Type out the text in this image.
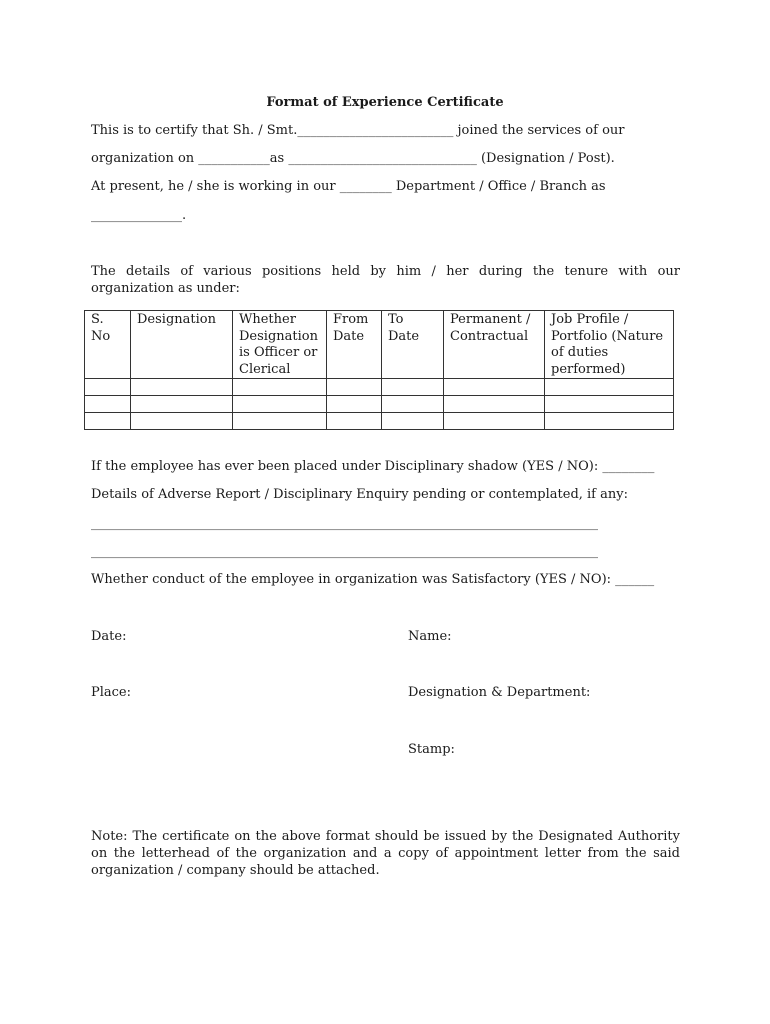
Format of Experience Certificate
This is to certify that Sh. / Smt.________________________ joined the services of our
organization on ___________as _____________________________ (Designation / Post).
At present, he / she is working in our ________ Department / Office / Branch as
______________.
The details of various positions held by him / her during the tenure with our organization as under:
S. No	Designation	Whether Designation is Officer or Clerical	From Date	To Date	Permanent / Contractual	Job Profile / Portfolio (Nature of duties performed)

If the employee has ever been placed under Disciplinary shadow (YES / NO): ________
Details of Adverse Report / Disciplinary Enquiry pending or contemplated, if any:
______________________________________________________________________________
______________________________________________________________________________
Whether conduct of the employee in organization was Satisfactory (YES / NO): ______
Date:	Name:
Place:	Designation & Department:
Stamp:
Note: The certificate on the above format should be issued by the Designated Authority on the letterhead of the organization and a copy of appointment letter from the said organization / company should be attached.
